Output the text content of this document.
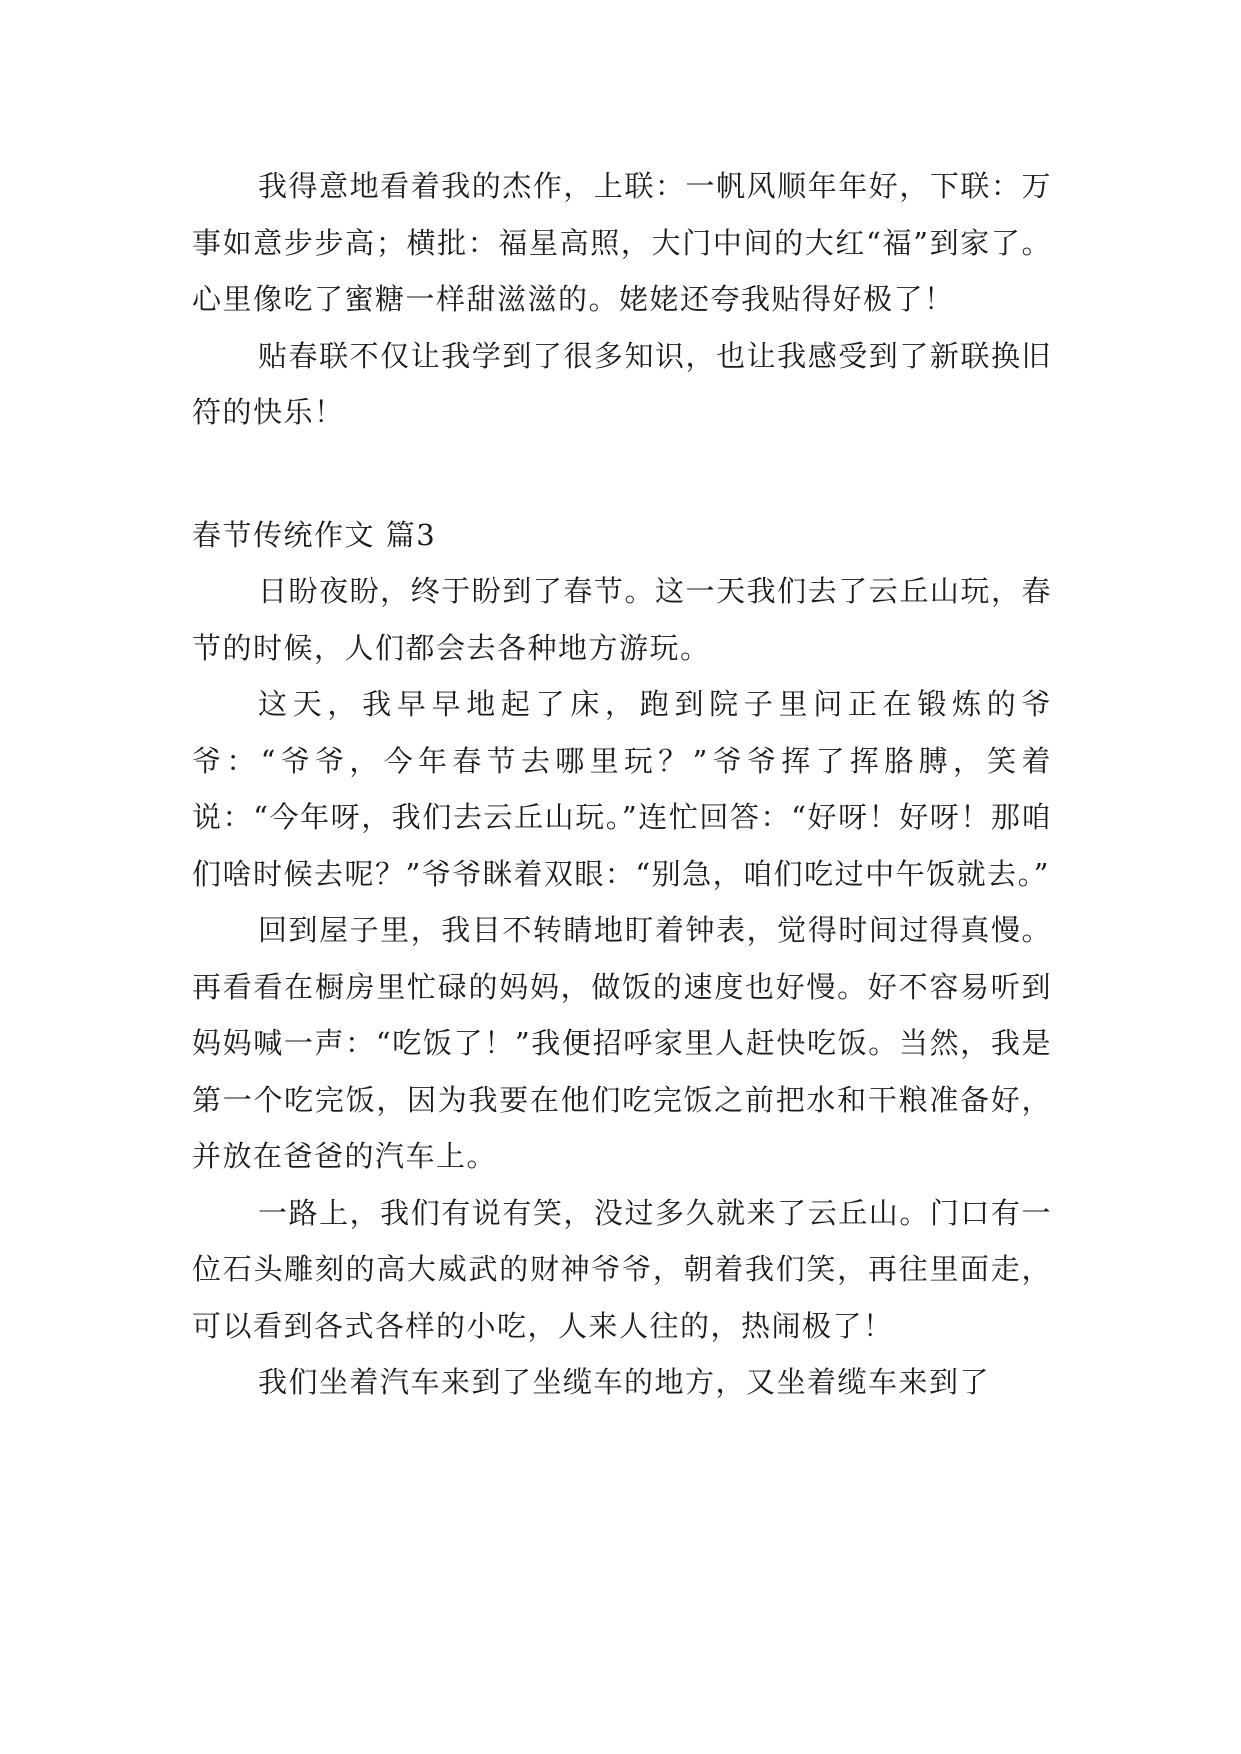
我得意地看着我的杰作，上联：一帆风顺年年好，下联：万事如意步步高；横批：福星高照，大门中间的大红“福”到家了。心里像吃了蜜糖一样甜滋滋的。姥姥还夸我贴得好极了！

贴春联不仅让我学到了很多知识，也让我感受到了新联换旧符的快乐！

春节传统作文 篇3

日盼夜盼，终于盼到了春节。这一天我们去了云丘山玩，春节的时候，人们都会去各种地方游玩。

这天，我早早地起了床，跑到院子里问正在锻炼的爷爷：“爷爷，今年春节去哪里玩？”爷爷挥了挥胳膊，笑着说：“今年呀，我们去云丘山玩。”连忙回答：“好呀！好呀！那咱们啥时候去呢？”爷爷眯着双眼：“别急，咱们吃过中午饭就去。”

回到屋子里，我目不转睛地盯着钟表，觉得时间过得真慢。再看看在橱房里忙碌的妈妈，做饭的速度也好慢。好不容易听到妈妈喊一声：“吃饭了！”我便招呼家里人赶快吃饭。当然，我是第一个吃完饭，因为我要在他们吃完饭之前把水和干粮准备好，并放在爸爸的汽车上。

一路上，我们有说有笑，没过多久就来了云丘山。门口有一位石头雕刻的高大威武的财神爷爷，朝着我们笑，再往里面走，可以看到各式各样的小吃，人来人往的，热闹极了！

我们坐着汽车来到了坐缆车的地方，又坐着缆车来到了
